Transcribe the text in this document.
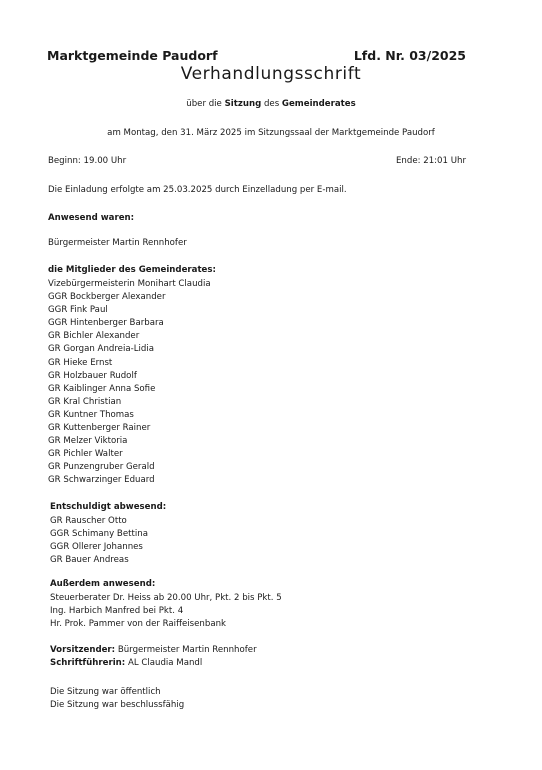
Marktgemeinde Paudorf	Lfd. Nr. 03/2025
Verhandlungsschrift
über die Sitzung des Gemeinderates
am Montag, den 31. März 2025 im Sitzungssaal der Marktgemeinde Paudorf
Beginn: 19.00 Uhr	Ende: 21:01 Uhr
Die Einladung erfolgte am 25.03.2025 durch Einzelladung per E-mail.
Anwesend waren:
Bürgermeister Martin Rennhofer
die Mitglieder des Gemeinderates:
Vizebürgermeisterin Monihart Claudia
GGR Bockberger Alexander
GGR Fink Paul
GGR Hintenberger Barbara
GR Bichler Alexander
GR Gorgan Andreia-Lidia
GR Hieke Ernst
GR Holzbauer Rudolf
GR Kaiblinger Anna Sofie
GR Kral Christian
GR Kuntner Thomas
GR Kuttenberger Rainer
GR Melzer Viktoria
GR Pichler Walter
GR Punzengruber Gerald
GR Schwarzinger Eduard
Entschuldigt abwesend:
GR Rauscher Otto
GGR Schimany Bettina
GGR Ollerer Johannes
GR Bauer Andreas
Außerdem anwesend:
Steuerberater Dr. Heiss ab 20.00 Uhr, Pkt. 2 bis Pkt. 5
Ing. Harbich Manfred bei Pkt. 4
Hr. Prok. Pammer von der Raiffeisenbank
Vorsitzender: Bürgermeister Martin Rennhofer
Schriftführerin: AL Claudia Mandl
Die Sitzung war öffentlich
Die Sitzung war beschlussfähig
